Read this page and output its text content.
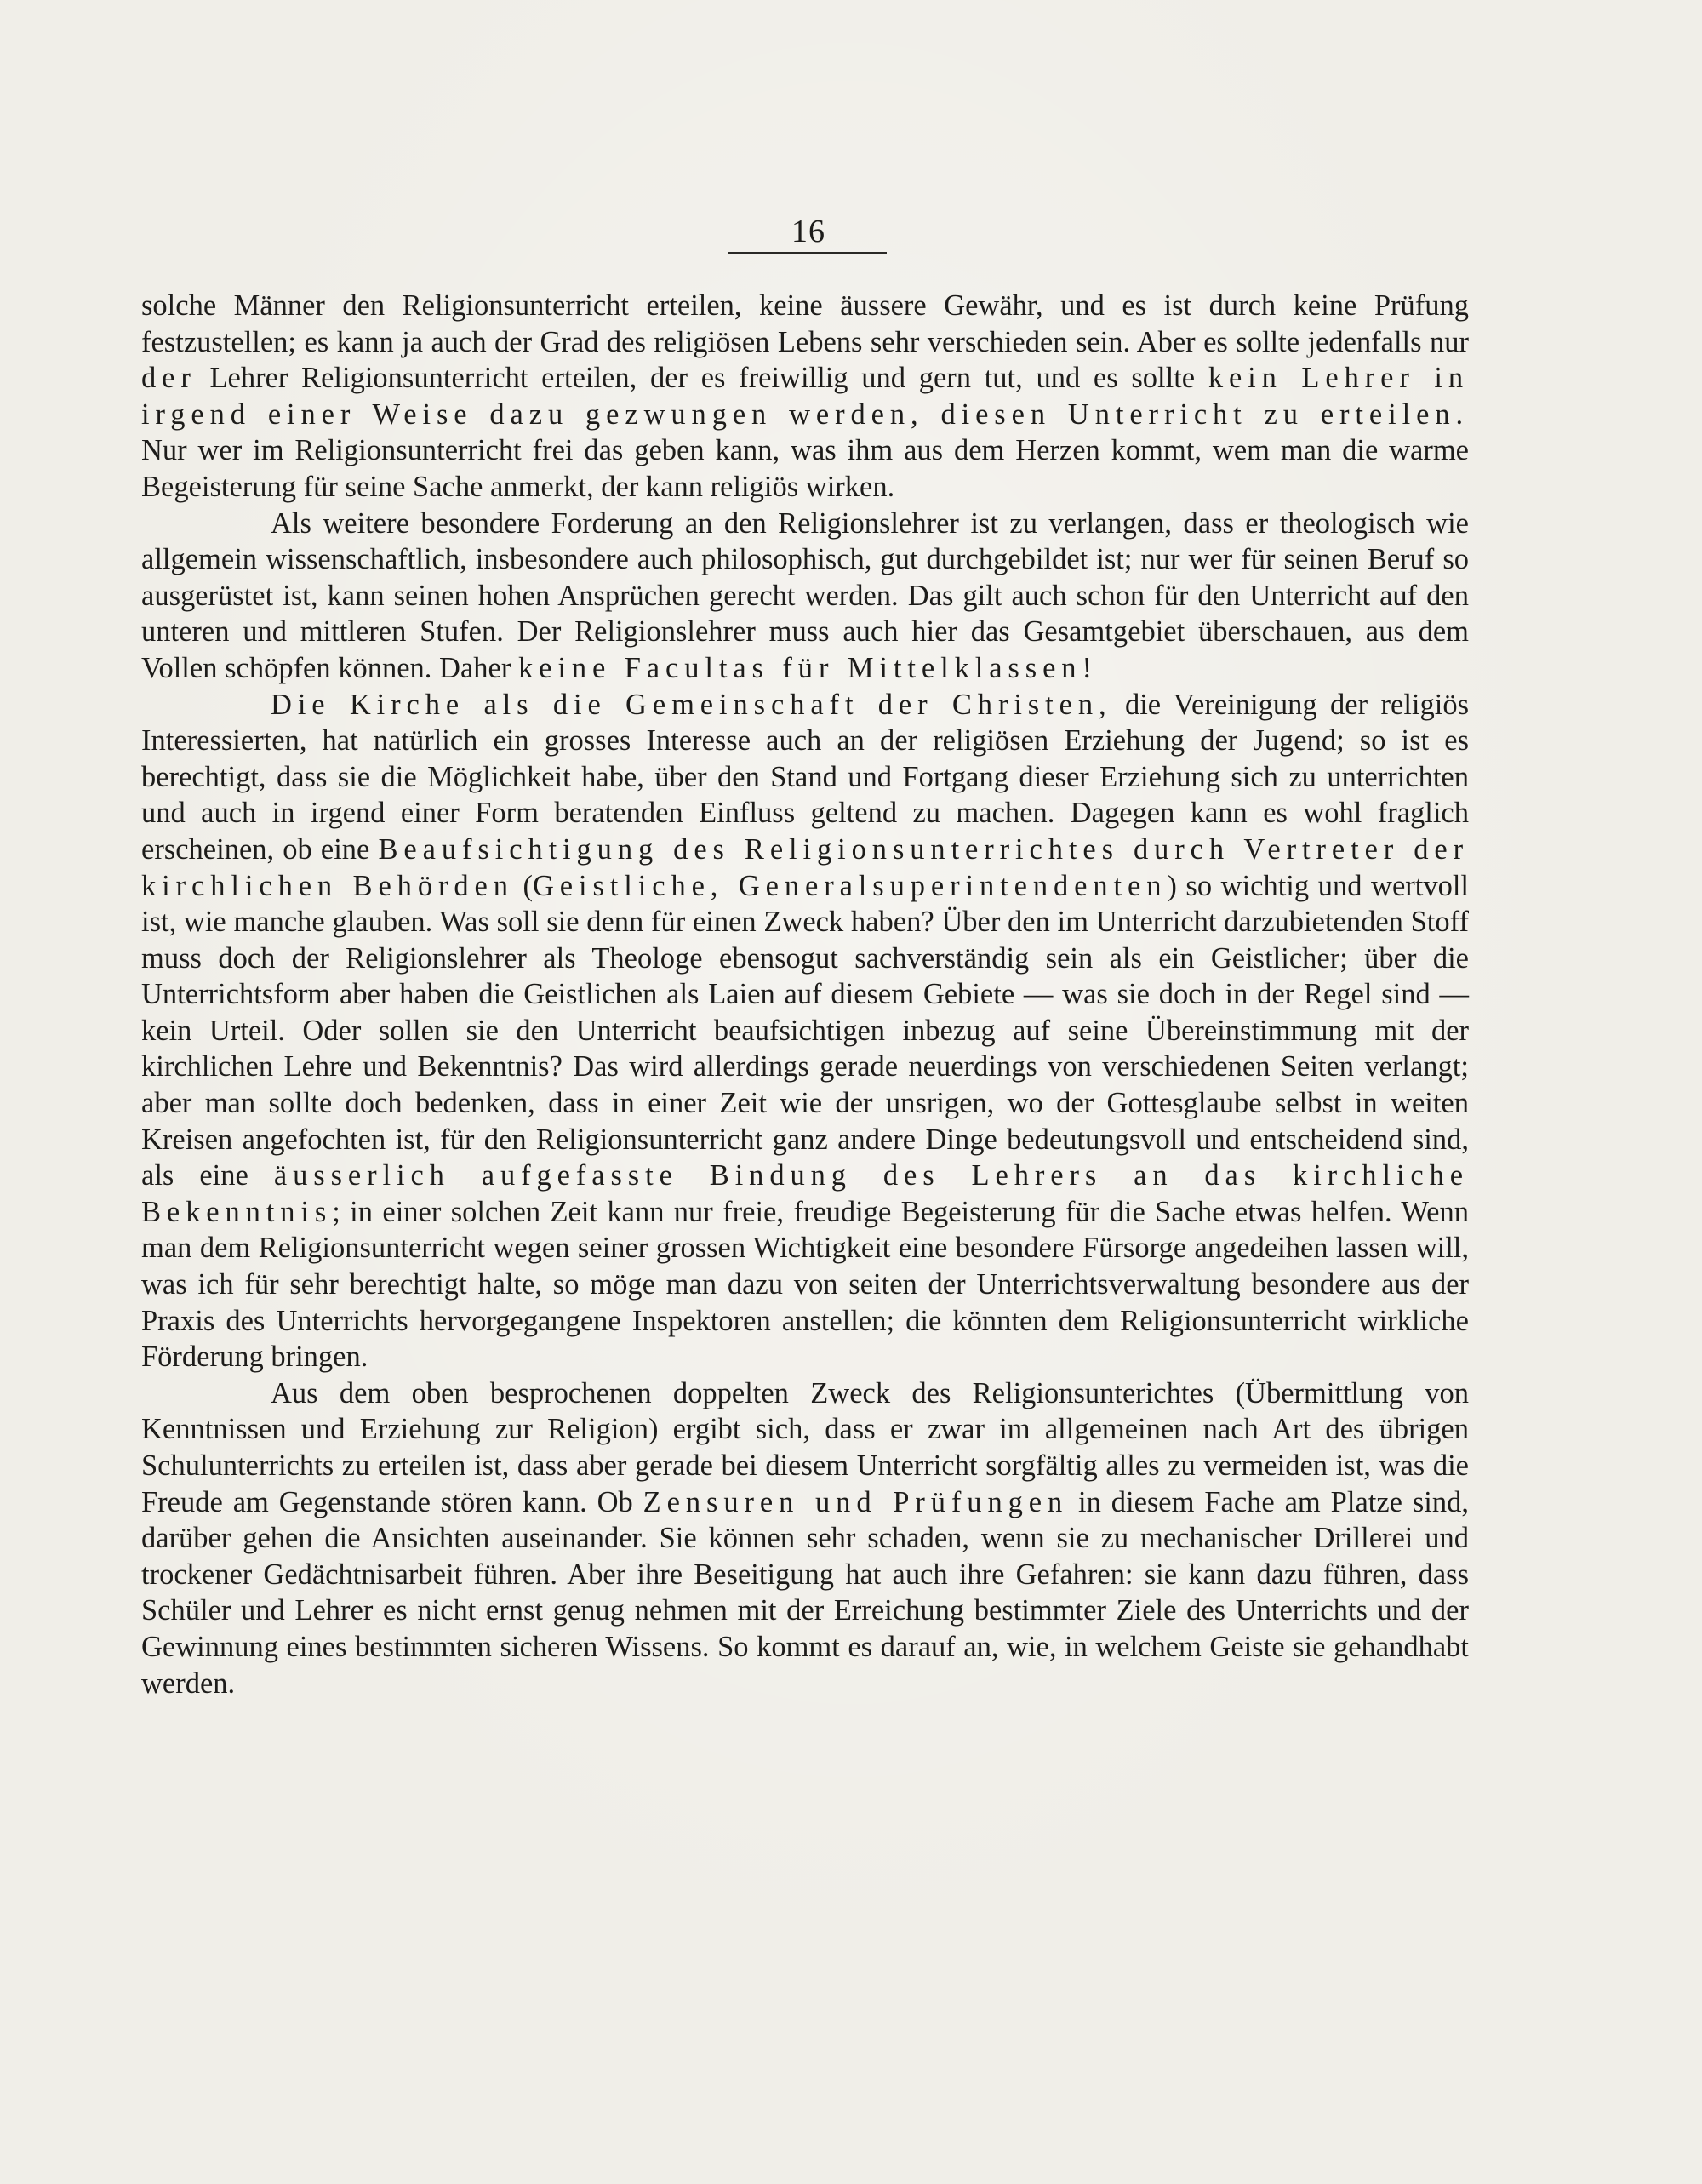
16

solche Männer den Religionsunterricht erteilen, keine äussere Gewähr, und es ist durch keine Prüfung festzustellen; es kann ja auch der Grad des religiösen Lebens sehr verschieden sein. Aber es sollte jedenfalls nur der Lehrer Religionsunterricht erteilen, der es freiwillig und gern tut, und es sollte kein Lehrer in irgend einer Weise dazu gezwungen werden, diesen Unterricht zu erteilen. Nur wer im Religionsunterricht frei das geben kann, was ihm aus dem Herzen kommt, wem man die warme Begeisterung für seine Sache anmerkt, der kann religiös wirken.

Als weitere besondere Forderung an den Religionslehrer ist zu verlangen, dass er theologisch wie allgemein wissenschaftlich, insbesondere auch philosophisch, gut durchgebildet ist; nur wer für seinen Beruf so ausgerüstet ist, kann seinen hohen Ansprüchen gerecht werden. Das gilt auch schon für den Unterricht auf den unteren und mittleren Stufen. Der Religionslehrer muss auch hier das Gesamtgebiet überschauen, aus dem Vollen schöpfen können. Daher keine Facultas für Mittelklassen!

Die Kirche als die Gemeinschaft der Christen, die Vereinigung der religiös Interessierten, hat natürlich ein grosses Interesse auch an der religiösen Erziehung der Jugend; so ist es berechtigt, dass sie die Möglichkeit habe, über den Stand und Fortgang dieser Erziehung sich zu unterrichten und auch in irgend einer Form beratenden Einfluss geltend zu machen. Dagegen kann es wohl fraglich erscheinen, ob eine Beaufsichtigung des Religionsunterrichtes durch Vertreter der kirchlichen Behörden (Geistliche, Generalsuperintendenten) so wichtig und wertvoll ist, wie manche glauben. Was soll sie denn für einen Zweck haben? Über den im Unterricht darzubietenden Stoff muss doch der Religionslehrer als Theologe ebensogut sachverständig sein als ein Geistlicher; über die Unterrichtsform aber haben die Geistlichen als Laien auf diesem Gebiete — was sie doch in der Regel sind — kein Urteil. Oder sollen sie den Unterricht beaufsichtigen inbezug auf seine Übereinstimmung mit der kirchlichen Lehre und Bekenntnis? Das wird allerdings gerade neuerdings von verschiedenen Seiten verlangt; aber man sollte doch bedenken, dass in einer Zeit wie der unsrigen, wo der Gottesglaube selbst in weiten Kreisen angefochten ist, für den Religionsunterricht ganz andere Dinge bedeutungsvoll und entscheidend sind, als eine äusserlich aufgefasste Bindung des Lehrers an das kirchliche Bekenntnis; in einer solchen Zeit kann nur freie, freudige Begeisterung für die Sache etwas helfen. Wenn man dem Religionsunterricht wegen seiner grossen Wichtigkeit eine besondere Fürsorge angedeihen lassen will, was ich für sehr berechtigt halte, so möge man dazu von seiten der Unterrichtsverwaltung besondere aus der Praxis des Unterrichts hervorgegangene Inspektoren anstellen; die könnten dem Religionsunterricht wirkliche Förderung bringen.

Aus dem oben besprochenen doppelten Zweck des Religionsunterichtes (Übermittlung von Kenntnissen und Erziehung zur Religion) ergibt sich, dass er zwar im allgemeinen nach Art des übrigen Schulunterrichts zu erteilen ist, dass aber gerade bei diesem Unterricht sorgfältig alles zu vermeiden ist, was die Freude am Gegenstande stören kann. Ob Zensuren und Prüfungen in diesem Fache am Platze sind, darüber gehen die Ansichten auseinander. Sie können sehr schaden, wenn sie zu mechanischer Drillerei und trockener Gedächtnisarbeit führen. Aber ihre Beseitigung hat auch ihre Gefahren: sie kann dazu führen, dass Schüler und Lehrer es nicht ernst genug nehmen mit der Erreichung bestimmter Ziele des Unterrichts und der Gewinnung eines bestimmten sicheren Wissens. So kommt es darauf an, wie, in welchem Geiste sie gehandhabt werden.
